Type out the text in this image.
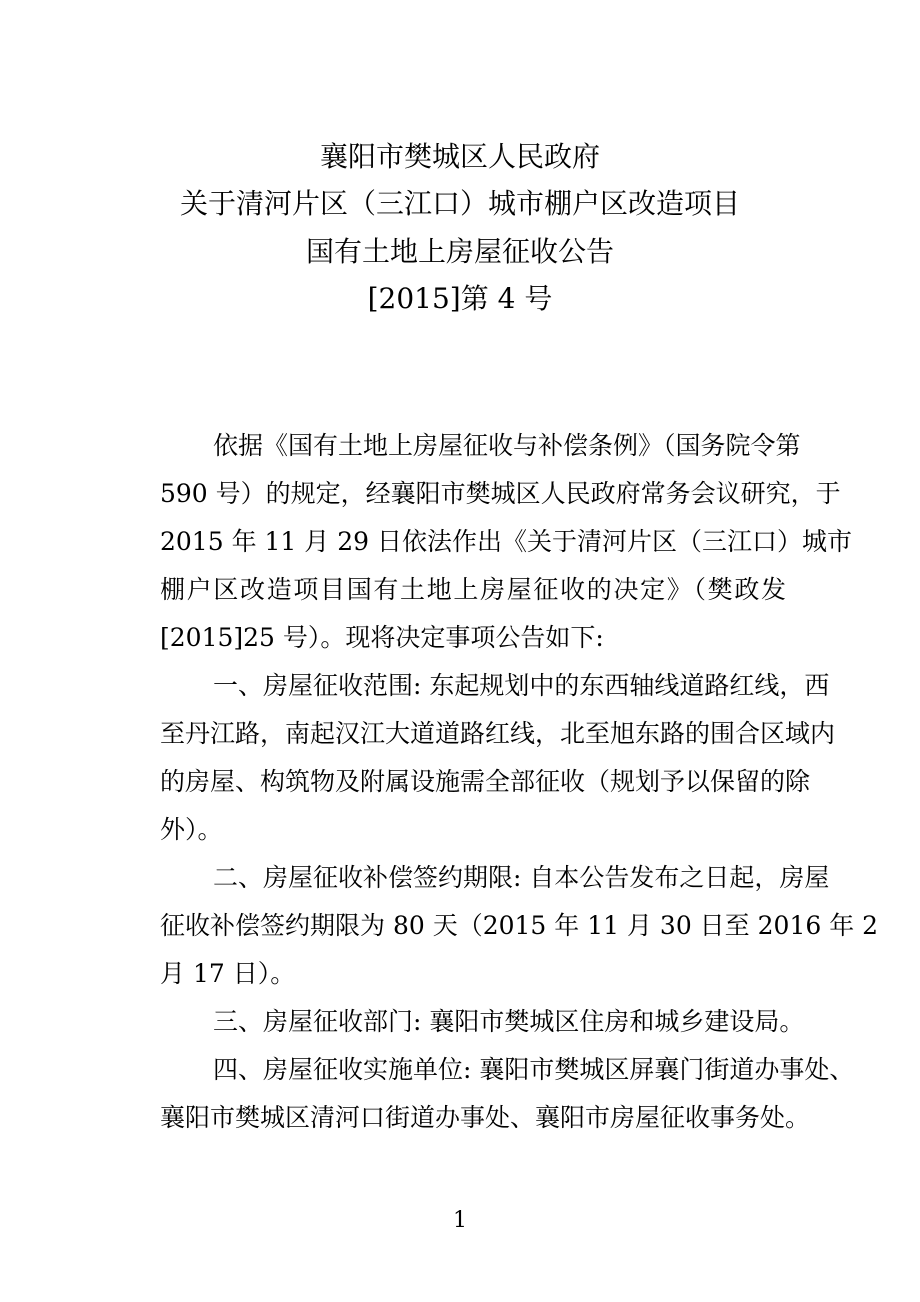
襄阳市樊城区人民政府
关于清河片区（三江口）城市棚户区改造项目
国有土地上房屋征收公告
[2015]第 4 号
依据《国有土地上房屋征收与补偿条例》（国务院令第
590 号）的规定，经襄阳市樊城区人民政府常务会议研究，于
2015 年 11 月 29 日依法作出《关于清河片区（三江口）城市
棚户区改造项目国有土地上房屋征收的决定》（樊政发
[2015]25 号）。现将决定事项公告如下:
一、房屋征收范围: 东起规划中的东西轴线道路红线，西
至丹江路，南起汉江大道道路红线，北至旭东路的围合区域内
的房屋、构筑物及附属设施需全部征收（规划予以保留的除
外）。
二、房屋征收补偿签约期限: 自本公告发布之日起，房屋
征收补偿签约期限为 80 天（2015 年 11 月 30 日至 2016 年 2
月 17 日）。
三、房屋征收部门: 襄阳市樊城区住房和城乡建设局。
四、房屋征收实施单位: 襄阳市樊城区屏襄门街道办事处、
襄阳市樊城区清河口街道办事处、襄阳市房屋征收事务处。
1
